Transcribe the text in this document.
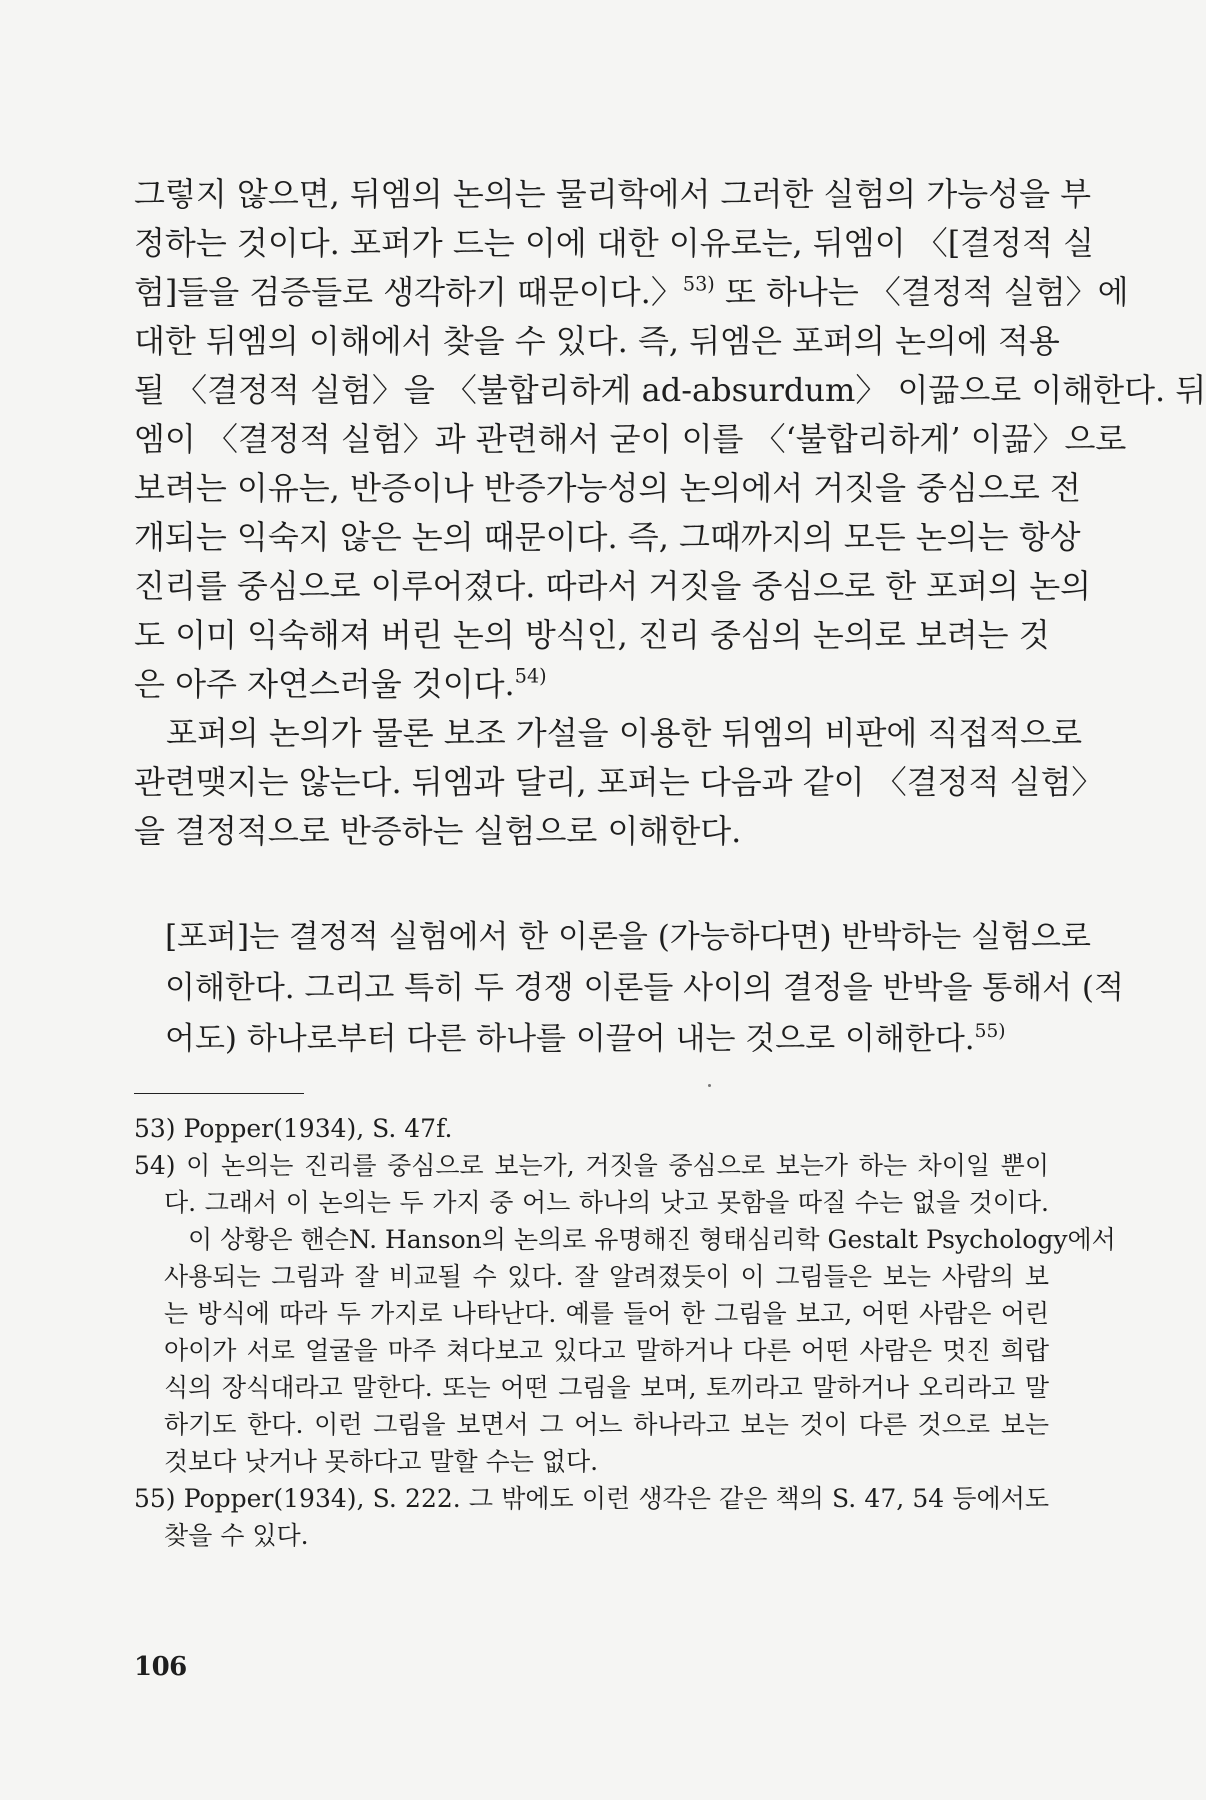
그렇지 않으면, 뒤엠의 논의는 물리학에서 그러한 실험의 가능성을 부
정하는 것이다. 포퍼가 드는 이에 대한 이유로는, 뒤엠이 〈[결정적 실
험]들을 검증들로 생각하기 때문이다.〉$^{53)}$ 또 하나는 〈결정적 실험〉에
대한 뒤엠의 이해에서 찾을 수 있다. 즉, 뒤엠은 포퍼의 논의에 적용
될 〈결정적 실험〉을 〈불합리하게 ad-absurdum〉 이끎으로 이해한다. 뒤
엠이 〈결정적 실험〉과 관련해서 굳이 이를 〈‘불합리하게’ 이끎〉으로
보려는 이유는, 반증이나 반증가능성의 논의에서 거짓을 중심으로 전
개되는 익숙지 않은 논의 때문이다. 즉, 그때까지의 모든 논의는 항상
진리를 중심으로 이루어졌다. 따라서 거짓을 중심으로 한 포퍼의 논의
도 이미 익숙해져 버린 논의 방식인, 진리 중심의 논의로 보려는 것
은 아주 자연스러울 것이다.$^{54)}$
포퍼의 논의가 물론 보조 가설을 이용한 뒤엠의 비판에 직접적으로
관련맺지는 않는다. 뒤엠과 달리, 포퍼는 다음과 같이 〈결정적 실험〉
을 결정적으로 반증하는 실험으로 이해한다.
[포퍼]는 결정적 실험에서 한 이론을 (가능하다면) 반박하는 실험으로
이해한다. 그리고 특히 두 경쟁 이론들 사이의 결정을 반박을 통해서 (적
어도) 하나로부터 다른 하나를 이끌어 내는 것으로 이해한다.$^{55)}$
53) Popper(1934), S. 47f.
54) 이 논의는 진리를 중심으로 보는가, 거짓을 중심으로 보는가 하는 차이일 뿐이
다. 그래서 이 논의는 두 가지 중 어느 하나의 낫고 못함을 따질 수는 없을 것이다.
이 상황은 핸슨N. Hanson의 논의로 유명해진 형태심리학 Gestalt Psychology에서
사용되는 그림과 잘 비교될 수 있다. 잘 알려졌듯이 이 그림들은 보는 사람의 보
는 방식에 따라 두 가지로 나타난다. 예를 들어 한 그림을 보고, 어떤 사람은 어린
아이가 서로 얼굴을 마주 쳐다보고 있다고 말하거나 다른 어떤 사람은 멋진 희랍
식의 장식대라고 말한다. 또는 어떤 그림을 보며, 토끼라고 말하거나 오리라고 말
하기도 한다. 이런 그림을 보면서 그 어느 하나라고 보는 것이 다른 것으로 보는
것보다 낫거나 못하다고 말할 수는 없다.
55) Popper(1934), S. 222. 그 밖에도 이런 생각은 같은 책의 S. 47, 54 등에서도
찾을 수 있다.
106
